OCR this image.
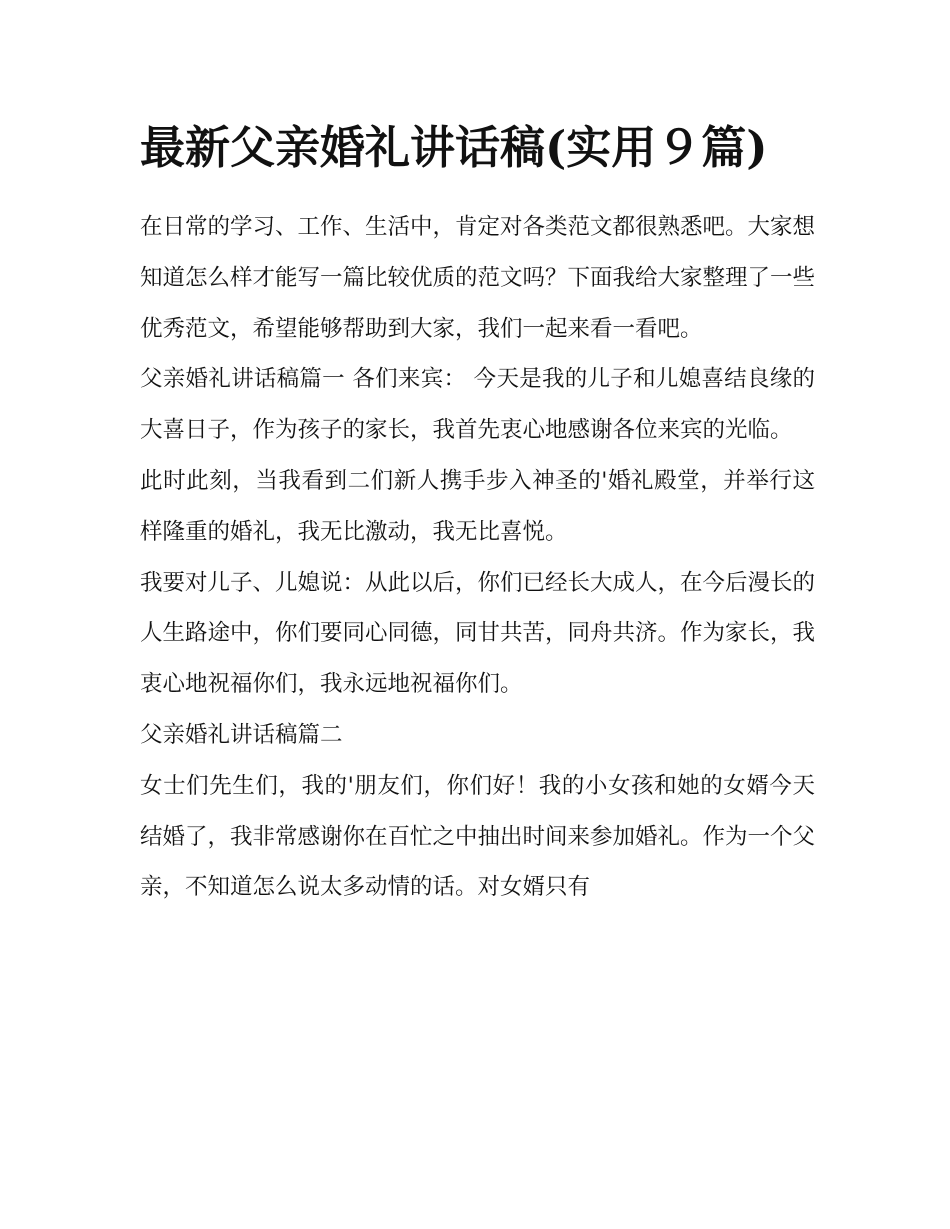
最新父亲婚礼讲话稿(实用９篇)

在日常的学习、工作、生活中，肯定对各类范文都很熟悉吧。大家想知道怎么样才能写一篇比较优质的范文吗？下面我给大家整理了一些优秀范文，希望能够帮助到大家，我们一起来看一看吧。

父亲婚礼讲话稿篇一 各们来宾： 今天是我的儿子和儿媳喜结良缘的大喜日子，作为孩子的家长，我首先衷心地感谢各位来宾的光临。

此时此刻，当我看到二们新人携手步入神圣的'婚礼殿堂，并举行这样隆重的婚礼，我无比激动，我无比喜悦。

我要对儿子、儿媳说：从此以后，你们已经长大成人，在今后漫长的人生路途中，你们要同心同德，同甘共苦，同舟共济。作为家长，我衷心地祝福你们，我永远地祝福你们。

父亲婚礼讲话稿篇二

女士们先生们，我的'朋友们，你们好！我的小女孩和她的女婿今天结婚了，我非常感谢你在百忙之中抽出时间来参加婚礼。作为一个父亲，不知道怎么说太多动情的话。对女婿只有
